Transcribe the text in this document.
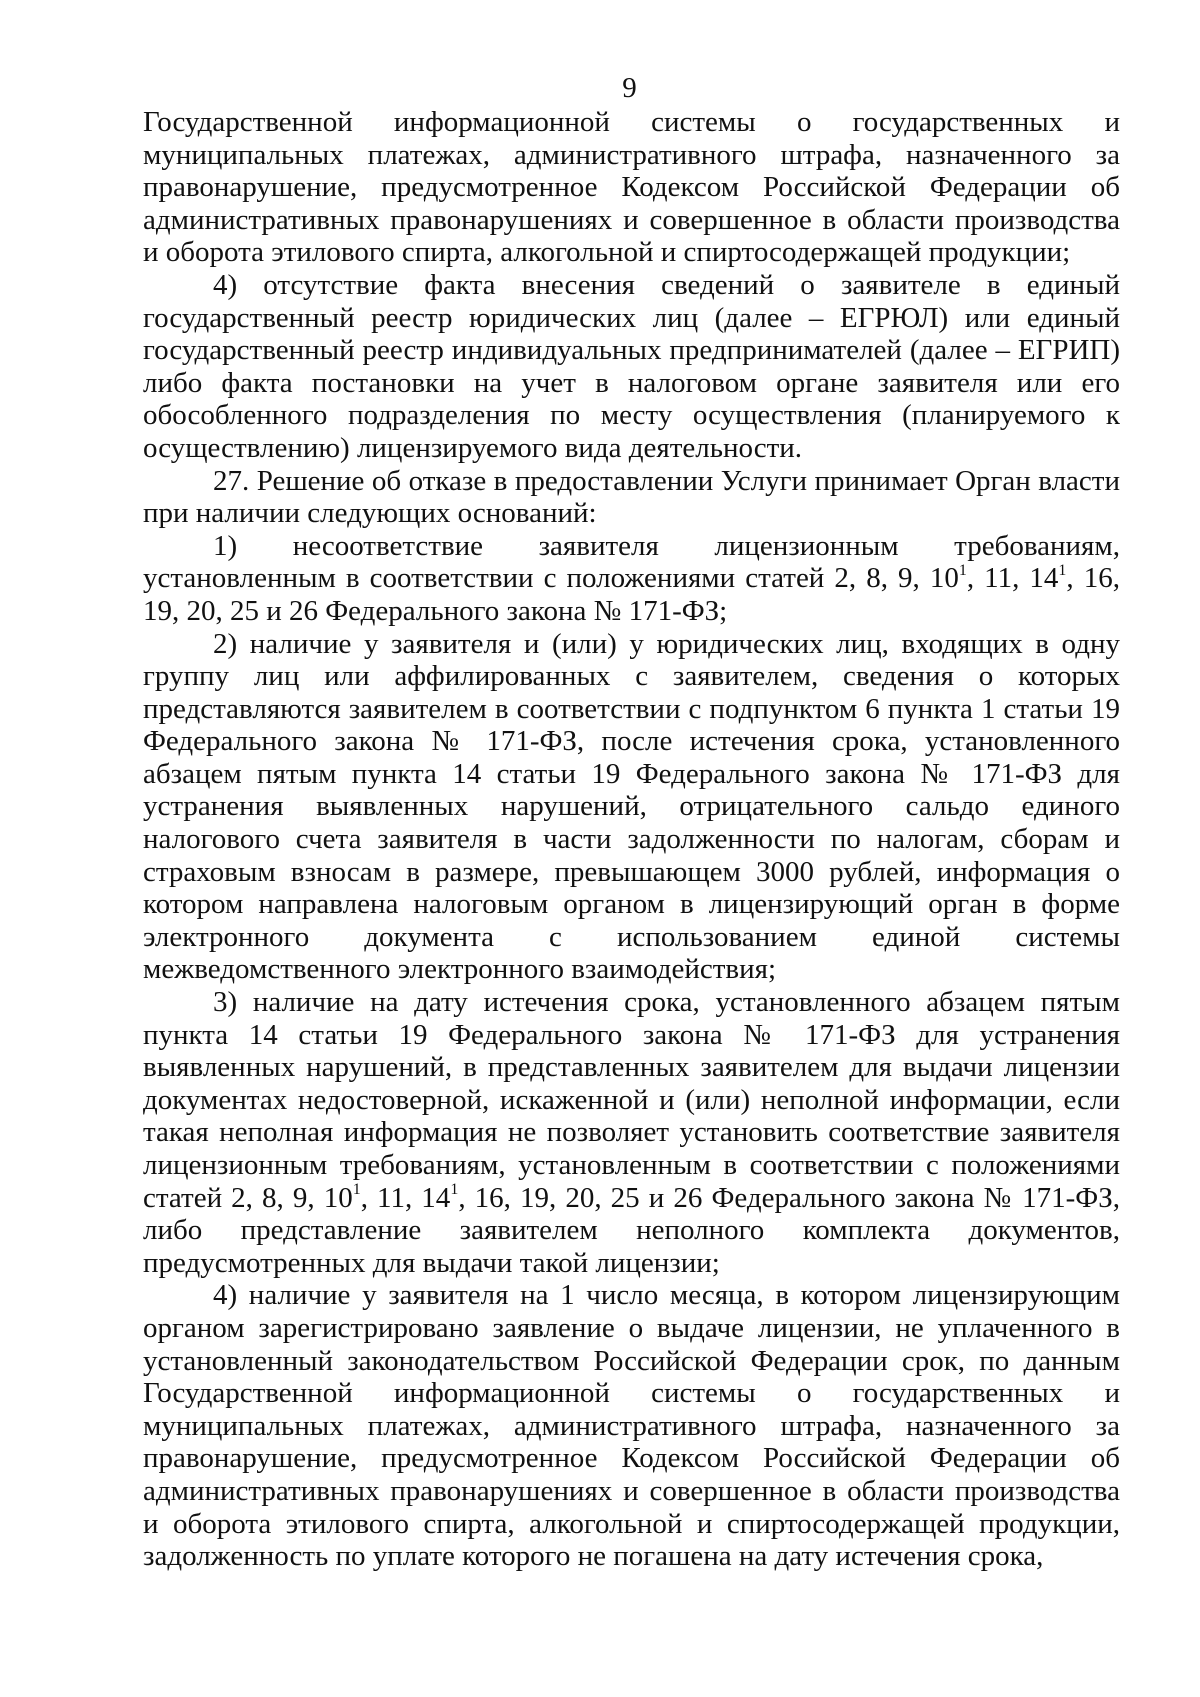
9

Государственной информационной системы о государственных и муниципальных платежах, административного штрафа, назначенного за правонарушение, предусмотренное Кодексом Российской Федерации об административных правонарушениях и совершенное в области производства и оборота этилового спирта, алкогольной и спиртосодержащей продукции;

4) отсутствие факта внесения сведений о заявителе в единый государственный реестр юридических лиц (далее – ЕГРЮЛ) или единый государственный реестр индивидуальных предпринимателей (далее – ЕГРИП) либо факта постановки на учет в налоговом органе заявителя или его обособленного подразделения по месту осуществления (планируемого к осуществлению) лицензируемого вида деятельности.

27. Решение об отказе в предоставлении Услуги принимает Орган власти при наличии следующих оснований:

1) несоответствие заявителя лицензионным требованиям, установленным в соответствии с положениями статей 2, 8, 9, $10^1$, 11, $14^1$, 16, 19, 20, 25 и 26 Федерального закона № 171-ФЗ;

2) наличие у заявителя и (или) у юридических лиц, входящих в одну группу лиц или аффилированных с заявителем, сведения о которых представляются заявителем в соответствии с подпунктом 6 пункта 1 статьи 19 Федерального закона № 171-ФЗ, после истечения срока, установленного абзацем пятым пункта 14 статьи 19 Федерального закона № 171-ФЗ для устранения выявленных нарушений, отрицательного сальдо единого налогового счета заявителя в части задолженности по налогам, сборам и страховым взносам в размере, превышающем 3000 рублей, информация о котором направлена налоговым органом в лицензирующий орган в форме электронного документа с использованием единой системы межведомственного электронного взаимодействия;

3) наличие на дату истечения срока, установленного абзацем пятым пункта 14 статьи 19 Федерального закона № 171-ФЗ для устранения выявленных нарушений, в представленных заявителем для выдачи лицензии документах недостоверной, искаженной и (или) неполной информации, если такая неполная информация не позволяет установить соответствие заявителя лицензионным требованиям, установленным в соответствии с положениями статей 2, 8, 9, $10^1$, 11, $14^1$, 16, 19, 20, 25 и 26 Федерального закона № 171-ФЗ, либо представление заявителем неполного комплекта документов, предусмотренных для выдачи такой лицензии;

4) наличие у заявителя на 1 число месяца, в котором лицензирующим органом зарегистрировано заявление о выдаче лицензии, не уплаченного в установленный законодательством Российской Федерации срок, по данным Государственной информационной системы о государственных и муниципальных платежах, административного штрафа, назначенного за правонарушение, предусмотренное Кодексом Российской Федерации об административных правонарушениях и совершенное в области производства и оборота этилового спирта, алкогольной и спиртосодержащей продукции, задолженность по уплате которого не погашена на дату истечения срока,
